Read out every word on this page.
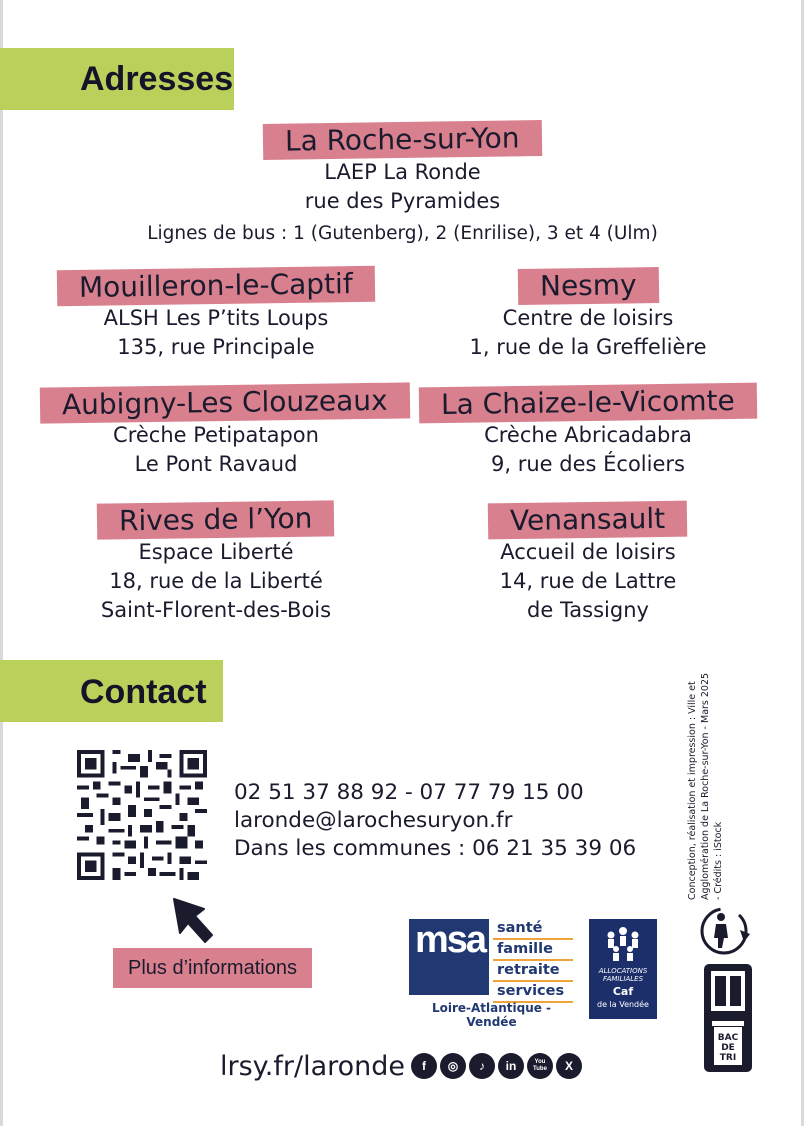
Adresses
La Roche-sur-Yon
LAEP La Ronde
rue des Pyramides
Lignes de bus : 1 (Gutenberg), 2 (Enrilise), 3 et 4 (Ulm)
Mouilleron-le-Captif
ALSH Les P’tits Loups
135, rue Principale
Nesmy
Centre de loisirs
1, rue de la Greffelière
Aubigny-Les Clouzeaux
Crèche Petipatapon
Le Pont Ravaud
La Chaize-le-Vicomte
Crèche Abricadabra
9, rue des Écoliers
Rives de l’Yon
Espace Liberté
18, rue de la Liberté
Saint-Florent-des-Bois
Venansault
Accueil de loisirs
14, rue de Lattre
de Tassigny
Contact
Plus d’informations
02 51 37 88 92 - 07 77 79 15 00
laronde@larochesuryon.fr
Dans les communes : 06 21 35 39 06
msa santé
famille
retraite
services
Loire-Atlantique - Vendée
ALLOCATIONS FAMILIALES
Caf
de la Vendée
Conception, réalisation et impression : Ville et Agglomération de La Roche-sur-Yon - Mars 2025 - Crédits : iStock
BAC
DE
TRI
lrsy.fr/laronde	f	◎	♪	in	You Tube	X
